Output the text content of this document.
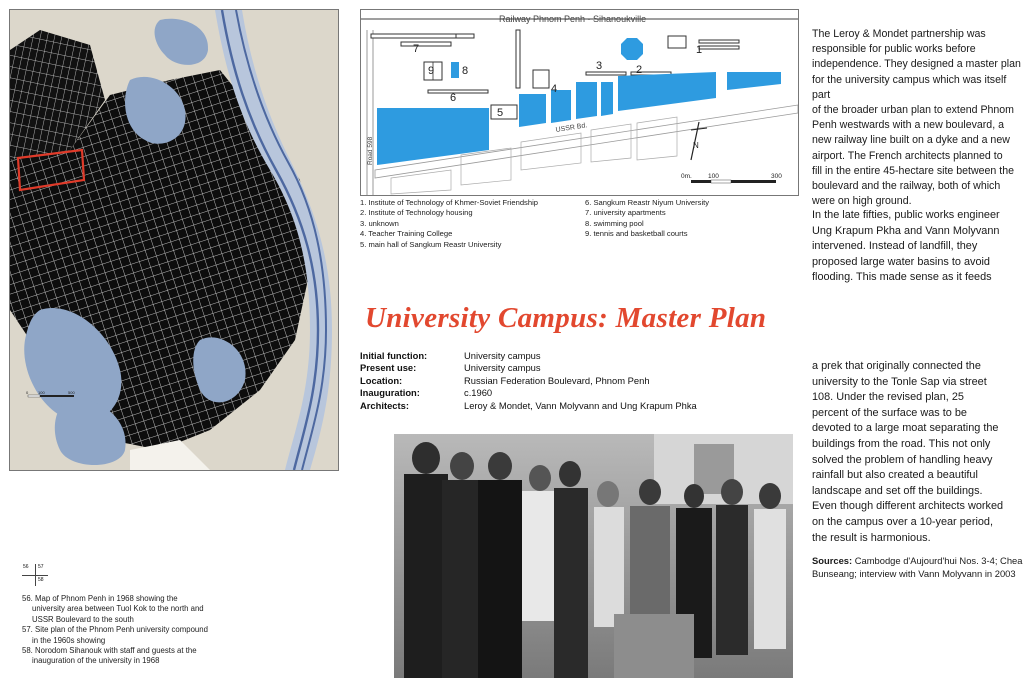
0 100	500
Railway Phnom Penh - Sihanoukville
Road 598
USSR Bd.
1
2
3
4
5
6
7
8
9
N
0m. 100	300
1. Institute of Technology of Khmer-Soviet Friendship
2. Institute of Technology housing
3. unknown
4. Teacher Training College
5. main hall of Sangkum Reastr University
6. Sangkum Reastr Niyum University
7. university apartments
8. swimming pool
9. tennis and basketball courts
The Leroy & Mondet partnership was
responsible for public works before
independence. They designed a master plan
for the university campus which was itself part
of the broader urban plan to extend Phnom
Penh westwards with a new boulevard, a
new railway line built on a dyke and a new
airport. The French architects planned to
fill in the entire 45-hectare site between the
boulevard and the railway, both of which
were on high ground.
In the late fifties, public works engineer
Ung Krapum Pkha and Vann Molyvann
intervened. Instead of landfill, they
proposed large water basins to avoid
flooding. This made sense as it feeds
University Campus: Master Plan
Initial function:	University campus
Present use:	University campus
Location:	Russian Federation Boulevard, Phnom Penh
Inauguration:	c.1960
Architects:	Leroy & Mondet, Vann Molyvann and Ung Krapum Phka
a prek that originally connected the
university to the Tonle Sap via street
108. Under the revised plan, 25
percent of the surface was to be
devoted to a large moat separating the
buildings from the road. This not only
solved the problem of handling heavy
rainfall but also created a beautiful
landscape and set off the buildings.
Even though different architects worked
on the campus over a 10-year period,
the result is harmonious.
Sources: Cambodge d'Aujourd'hui Nos. 3-4; Chea
Bunseang; interview with Vann Molyvann in 2003
56 57
58
56. Map of Phnom Penh in 1968 showing the
university area between Tuol Kok to the north and
USSR Boulevard to the south
57. Site plan of the Phnom Penh university compound
in the 1960s showing
58. Norodom Sihanouk with staff and guests at the
inauguration of the university in 1968
